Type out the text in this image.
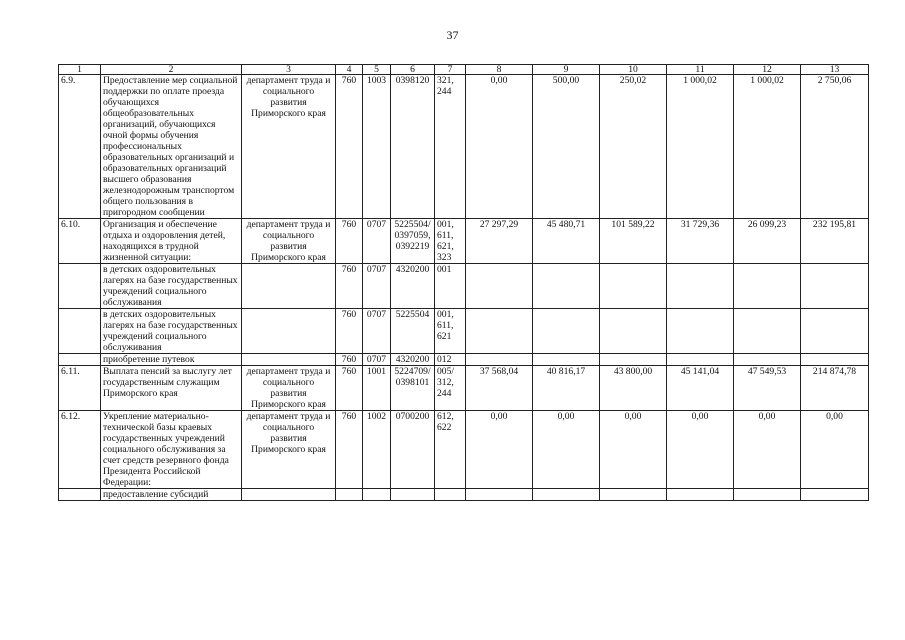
37
1	2	3	4	5	6	7	8	9	10	11	12	13
6.9.	Предоставление мер социальной поддержки по оплате проезда обучающихся общеобразовательных организаций, обучающихся очной формы обучения профессиональных образовательных организаций и образовательных организаций высшего образования железнодорожным транспортом общего пользования в пригородном сообщении	департамент труда и социального развития Приморского края	760	1003	0398120	321, 244	0,00	500,00	250,02	1 000,02	1 000,02	2 750,06
6.10.	Организация и обеспечение отдыха и оздоровления детей, находящихся в трудной жизненной ситуации:	департамент труда и социального развития Приморского края	760	0707	5225504/ 0397059, 0392219	001, 611, 621, 323	27 297,29	45 480,71	101 589,22	31 729,36	26 099,23	232 195,81
	в детских оздоровительных лагерях на базе государственных учреждений социального обслуживания		760	0707	4320200	001						
	в детских оздоровительных лагерях на базе государственных учреждений социального обслуживания		760	0707	5225504	001, 611, 621						
	приобретение путевок		760	0707	4320200	012						
6.11.	Выплата пенсий за выслугу лет государственным служащим Приморского края	департамент труда и социального развития Приморского края	760	1001	5224709/ 0398101	005/ 312, 244	37 568,04	40 816,17	43 800,00	45 141,04	47 549,53	214 874,78
6.12.	Укрепление материально-технической базы краевых государственных учреждений социального обслуживания за счет средств резервного фонда Президента Российской Федерации:	департамент труда и социального развития Приморского края	760	1002	0700200	612, 622	0,00	0,00	0,00	0,00	0,00	0,00
	предоставление субсидий											
